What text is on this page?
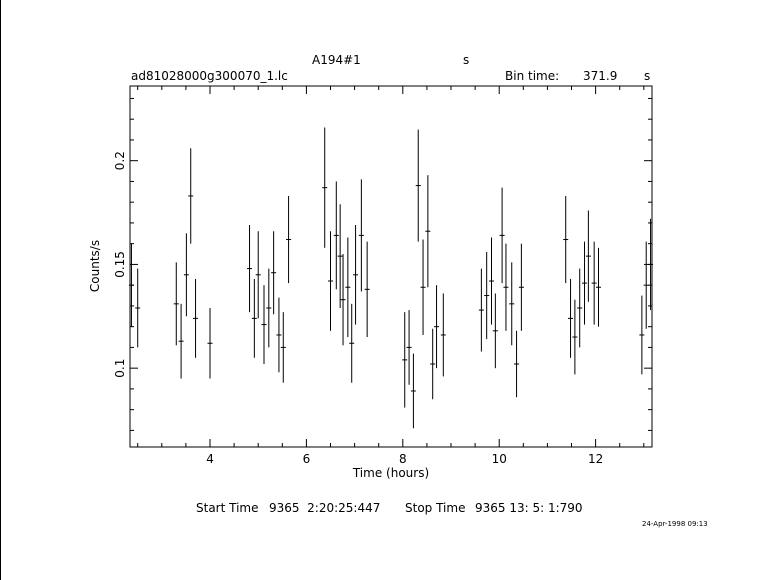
A194#1	s
ad81028000g300070_1.lc	Bin time: 371.9 s
4	6	8	10	12
0.1
0.15
0.2
Time (hours)
Counts/s
Start Time 9365  2:20:25:447 Stop Time 9365 13: 5: 1:790
24-Apr-1998 09:13
